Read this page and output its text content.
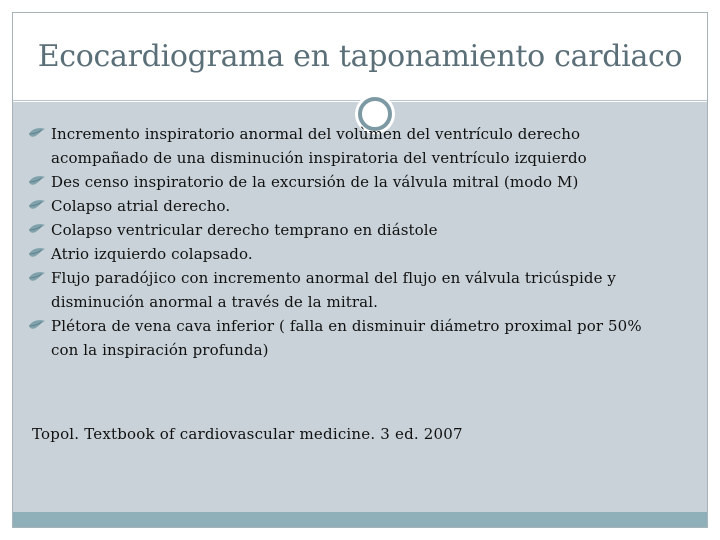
Ecocardiograma en taponamiento cardiaco
Incremento inspiratorio anormal del volùmen del ventrículo derecho acompañado de una disminución inspiratoria del ventrículo izquierdo
Des censo inspiratorio de la excursión de la válvula mitral (modo M)
Colapso atrial derecho.
Colapso ventricular derecho temprano en diástole
Atrio izquierdo colapsado.
Flujo paradójico con incremento anormal del flujo en válvula tricúspide y disminución anormal a través de la mitral.
Plétora de vena cava inferior ( falla en disminuir diámetro proximal por 50% con la inspiración profunda)
Topol. Textbook of cardiovascular medicine. 3 ed. 2007
